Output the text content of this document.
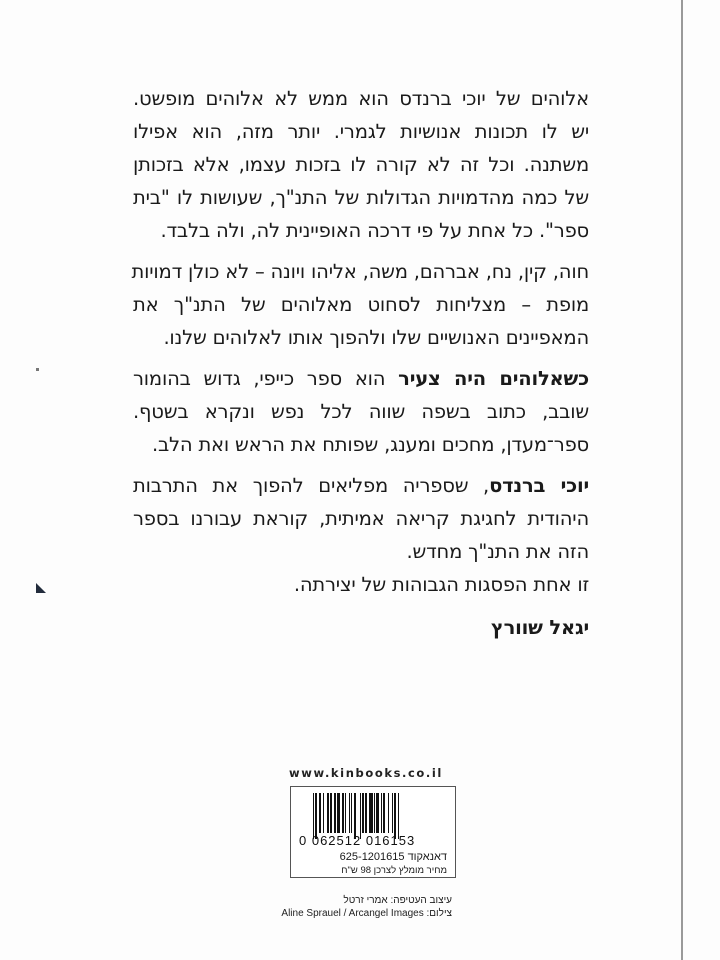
אלוהים של יוכי ברנדס הוא ממש לא אלוהים מופשט.
יש לו תכונות אנושיות לגמרי. יותר מזה, הוא אפילו
משתנה. וכל זה לא קורה לו בזכות עצמו, אלא בזכותן
של כמה מהדמויות הגדולות של התנ"ך, שעושות לו "בית
ספר". כל אחת על פי דרכה האופיינית לה, ולה בלבד.
חוה, קין, נח, אברהם, משה, אליהו ויונה – לא כולן דמויות
מופת – מצליחות לסחוט מאלוהים של התנ"ך את
המאפיינים האנושיים שלו ולהפוך אותו לאלוהים שלנו.
כשאלוהים היה צעיר הוא ספר כייפי, גדוש בהומור
שובב, כתוב בשפה שווה לכל נפש ונקרא בשטף.
ספר־מעדן, מחכים ומענג, שפותח את הראש ואת הלב.
יוכי ברנדס, שספריה מפליאים להפוך את התרבות
היהודית לחגיגת קריאה אמיתית, קוראת עבורנו בספר
הזה את התנ"ך מחדש.
זו אחת הפסגות הגבוהות של יצירתה.
יגאל שוורץ
www.kinbooks.co.il
0 062512 016153
דאנאקוד 625-1201615
מחיר מומלץ לצרכן 98 ש"ח
עיצוב העטיפה: אמרי זרטל
צילום: Aline Sprauel / Arcangel Images
